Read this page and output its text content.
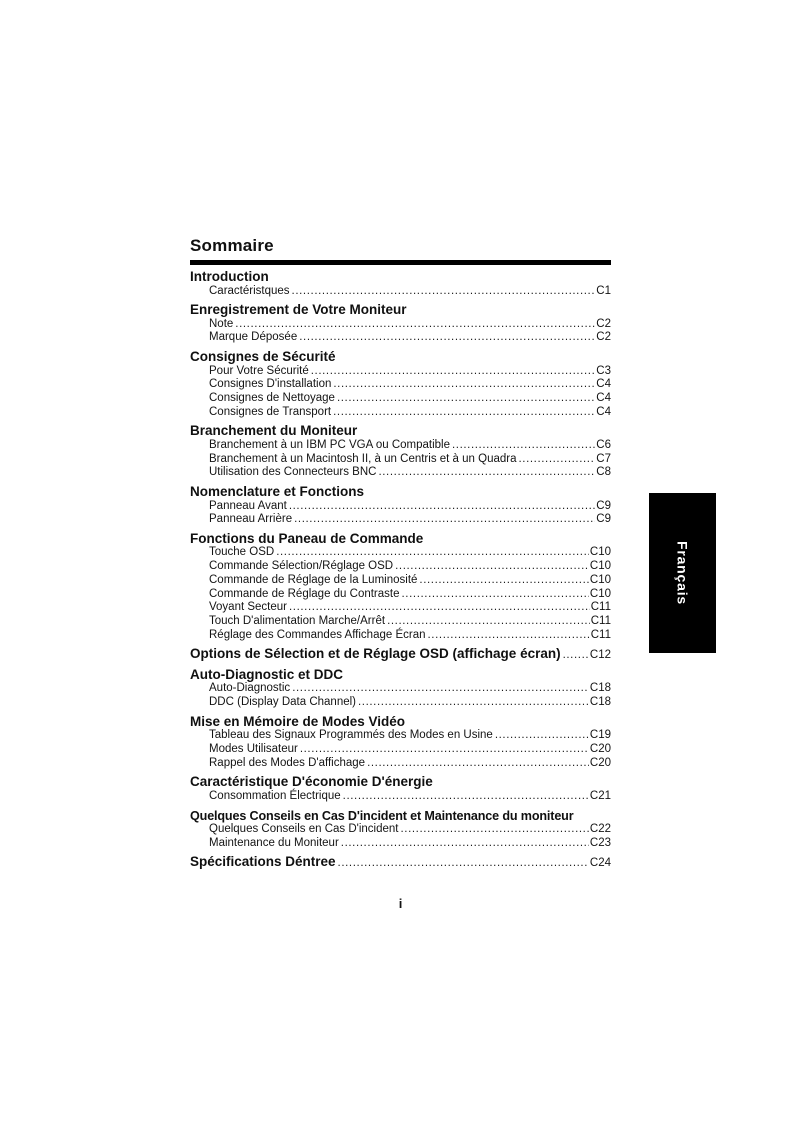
Sommaire
Introduction
Caractéristques .....	C1
Enregistrement de Votre Moniteur
Note .....	C2
Marque Déposée .....	C2
Consignes de Sécurité
Pour Votre Sécurité .....	C3
Consignes D'installation .....	C4
Consignes de Nettoyage .....	C4
Consignes de Transport .....	C4
Branchement du Moniteur
Branchement à un IBM PC VGA ou Compatible .....	C6
Branchement à un Macintosh II, à un Centris et à un Quadra .....	C7
Utilisation des Connecteurs BNC .....	C8
Nomenclature et Fonctions
Panneau Avant .....	C9
Panneau Arrière .....	C9
Fonctions du Paneau de Commande
Touche OSD .....	C10
Commande Sélection/Réglage OSD .....	C10
Commande de Réglage de la Luminosité .....	C10
Commande de Réglage du Contraste .....	C10
Voyant Secteur .....	C11
Touch D'alimentation Marche/Arrêt .....	C11
Réglage des Commandes Affichage Écran .....	C11
Options de Sélection et de Réglage OSD (affichage écran) .....	C12
Auto-Diagnostic et DDC
Auto-Diagnostic .....	C18
DDC (Display Data Channel) .....	C18
Mise en Mémoire de Modes Vidéo
Tableau des Signaux Programmés des Modes en Usine .....	C19
Modes Utilisateur .....	C20
Rappel des Modes D'affichage .....	C20
Caractéristique D'économie D'énergie
Consommation Électrique .....	C21
Quelques Conseils en Cas D'incident et Maintenance du moniteur
Quelques Conseils en Cas D'incident .....	C22
Maintenance du Moniteur .....	C23
Spécifications Déntree .....	C24
Français
i
